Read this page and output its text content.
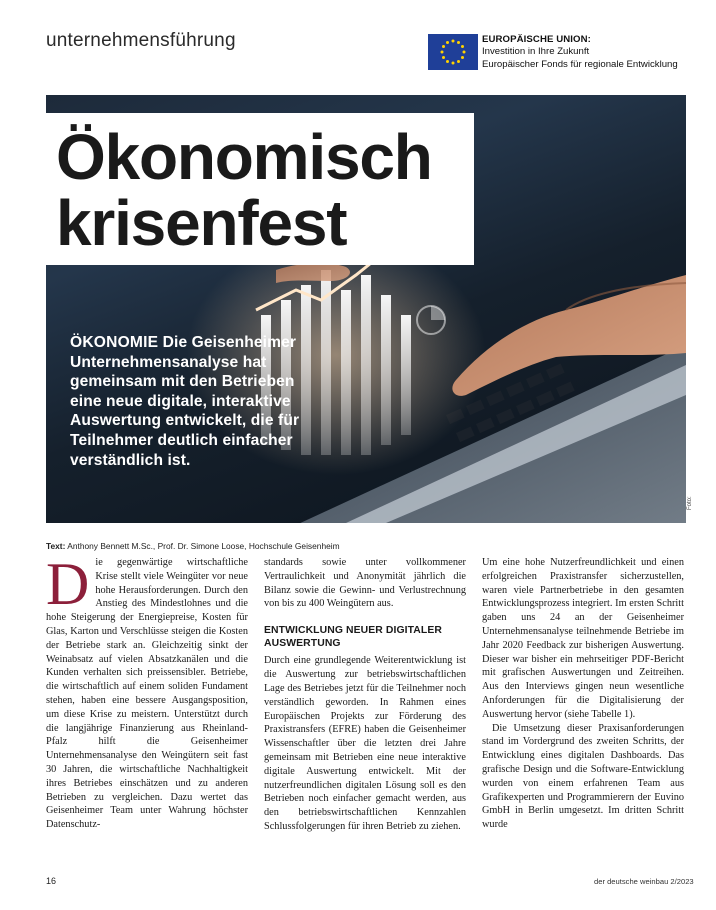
unternehmensführung	EUROPÄISCHE UNION:
Investition in Ihre Zukunft
Europäischer Fonds für regionale Entwicklung
Ökonomisch
krisenfest
ÖKONOMIE Die Geisenheimer Unternehmensanalyse hat gemeinsam mit den Betrieben eine neue digitale, interaktive Auswertung entwickelt, die für Teilnehmer deutlich einfacher verständlich ist.
Foto:
Text: Anthony Bennett M.Sc., Prof. Dr. Simone Loose, Hochschule Geisenheim

D ie gegenwärtige wirtschaftliche Krise stellt viele Weingüter vor neue hohe Herausforderungen. Durch den Anstieg des Mindestlohnes und die hohe Steigerung der Energiepreise, Kosten für Glas, Karton und Verschlüsse steigen die Kosten der Betriebe stark an. Gleichzeitig sinkt der Weinabsatz auf vielen Absatzkanälen und die Kunden verhalten sich preissensibler. Betriebe, die wirtschaftlich auf einem soliden Fundament stehen, haben eine bessere Ausgangsposition, um diese Krise zu meistern. Unterstützt durch die langjährige Finanzierung aus Rheinland-Pfalz hilft die Geisenheimer Unternehmensanalyse den Weingütern seit fast 30 Jahren, die wirtschaftliche Nachhaltigkeit ihres Betriebes einschätzen und zu anderen Betrieben zu vergleichen. Dazu wertet das Geisenheimer Team unter Wahrung höchster Datenschutz-

standards sowie unter vollkommener Vertraulichkeit und Anonymität jährlich die Bilanz sowie die Gewinn- und Verlustrechnung von bis zu 400 Weingütern aus.

ENTWICKLUNG NEUER DIGITALER AUSWERTUNG

Durch eine grundlegende Weiterentwicklung ist die Auswertung zur betriebswirtschaftlichen Lage des Betriebes jetzt für die Teilnehmer noch verständlich geworden. In Rahmen eines Europäischen Projekts zur Förderung des Praxistransfers (EFRE) haben die Geisenheimer Wissenschaftler über die letzten drei Jahre gemeinsam mit Betrieben eine neue interaktive digitale Auswertung entwickelt. Mit der nutzerfreundlichen digitalen Lösung soll es den Betrieben noch einfacher gemacht werden, aus den betriebswirtschaftlichen Kennzahlen Schlussfolgerungen für ihren Betrieb zu ziehen.

Um eine hohe Nutzerfreundlichkeit und einen erfolgreichen Praxistransfer sicherzustellen, waren viele Partnerbetriebe in den gesamten Entwicklungsprozess integriert. Im ersten Schritt gaben uns 24 an der Geisenheimer Unternehmensanalyse teilnehmende Betriebe im Jahr 2020 Feedback zur bisherigen Auswertung. Dieser war bisher ein mehrseitiger PDF-Bericht mit grafischen Auswertungen und Zeitreihen. Aus den Interviews gingen neun wesentliche Anforderungen für die Digitalisierung der Auswertung hervor (siehe Tabelle 1).

Die Umsetzung dieser Praxisanforderungen stand im Vordergrund des zweiten Schritts, der Entwicklung eines digitalen Dashboards. Das grafische Design und die Software-Entwicklung wurden von einem erfahrenen Team aus Grafikexperten und Programmierern der Euvino GmbH in Berlin umgesetzt. Im dritten Schritt wurde

16	der deutsche weinbau 2/2023
